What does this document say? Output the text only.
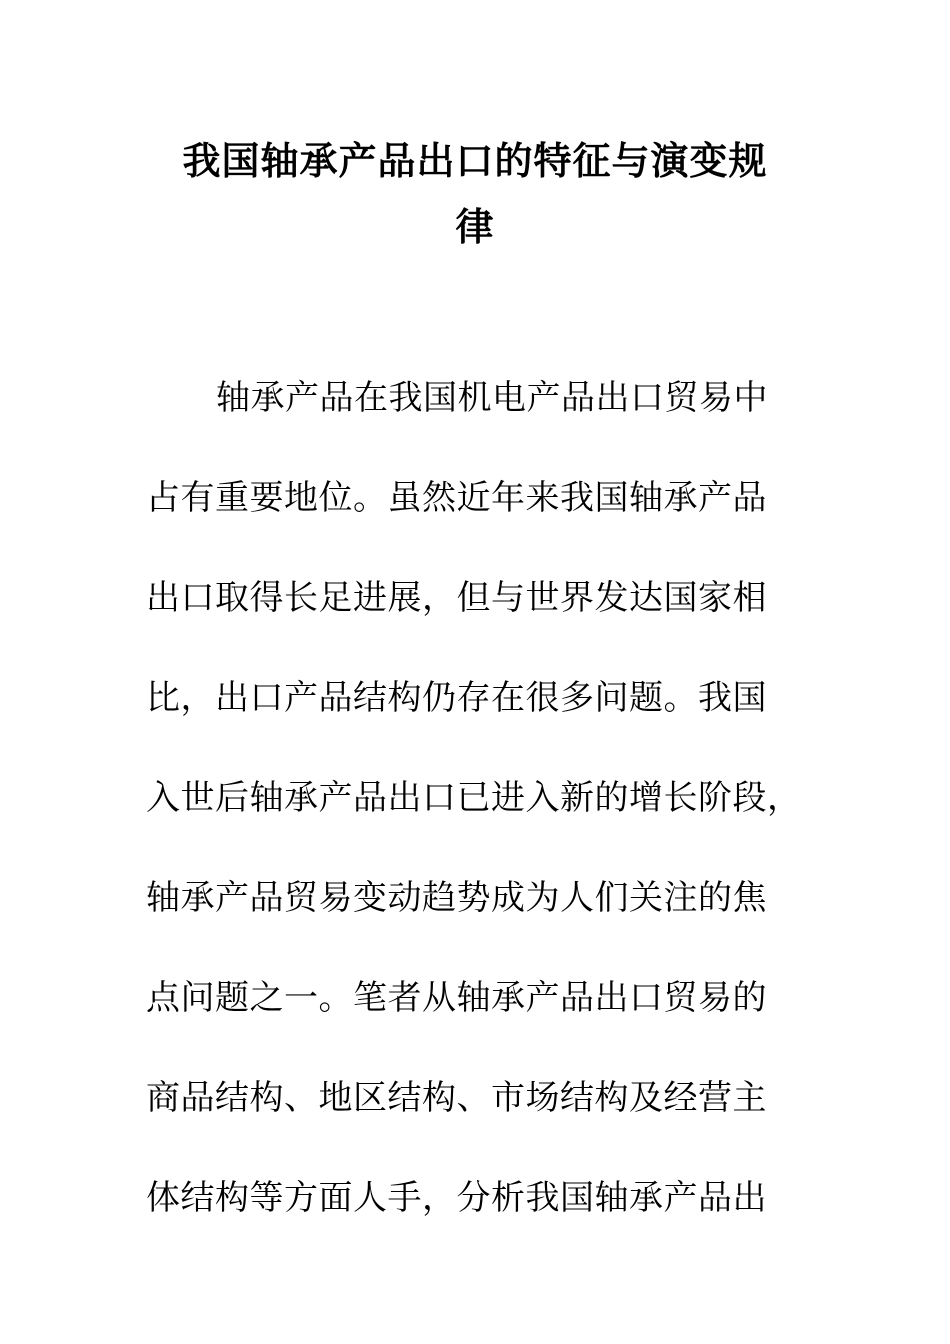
我国轴承产品出口的特征与演变规
律
轴承产品在我国机电产品出口贸易中
占有重要地位。虽然近年来我国轴承产品
出口取得长足进展，但与世界发达国家相
比，出口产品结构仍存在很多问题。我国
入世后轴承产品出口已进入新的增长阶段，
轴承产品贸易变动趋势成为人们关注的焦
点问题之一。笔者从轴承产品出口贸易的
商品结构、地区结构、市场结构及经营主
体结构等方面人手，分析我国轴承产品出
